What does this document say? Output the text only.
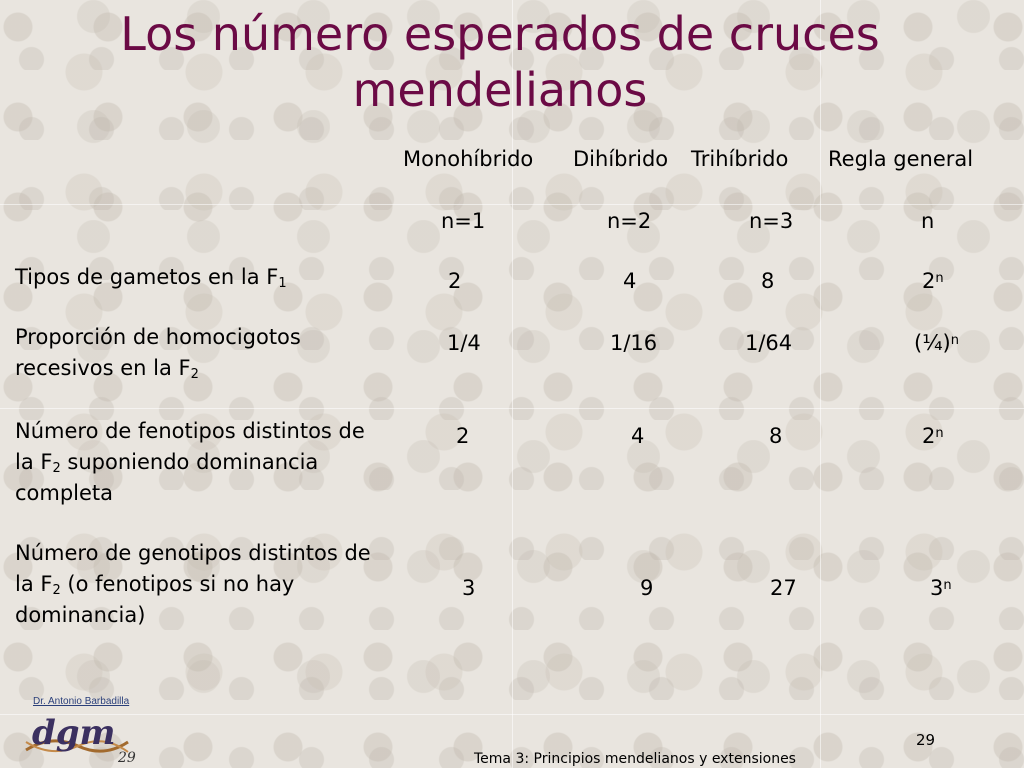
Los número esperados de cruces
mendelianos
Monohíbrido Dihíbrido Trihíbrido Regla general
n=1	n=2	n=3	n
Tipos de gametos en la $F_1$	2	4	8	2$^n$
Proporción de homocigotos
recesivos en la $F_2$
1/4	1/16	1/64	(¼)$^n$
Número de fenotipos distintos de
la $F_2$ suponiendo dominancia
completa
2	4	8	2$^n$
Número de genotipos distintos de
la $F_2$ (o fenotipos si no hay
dominancia)
3	9	27	3$^n$
Dr. Antonio Barbadilla
dgm
29
29
Tema 3: Principios mendelianos y extensiones
